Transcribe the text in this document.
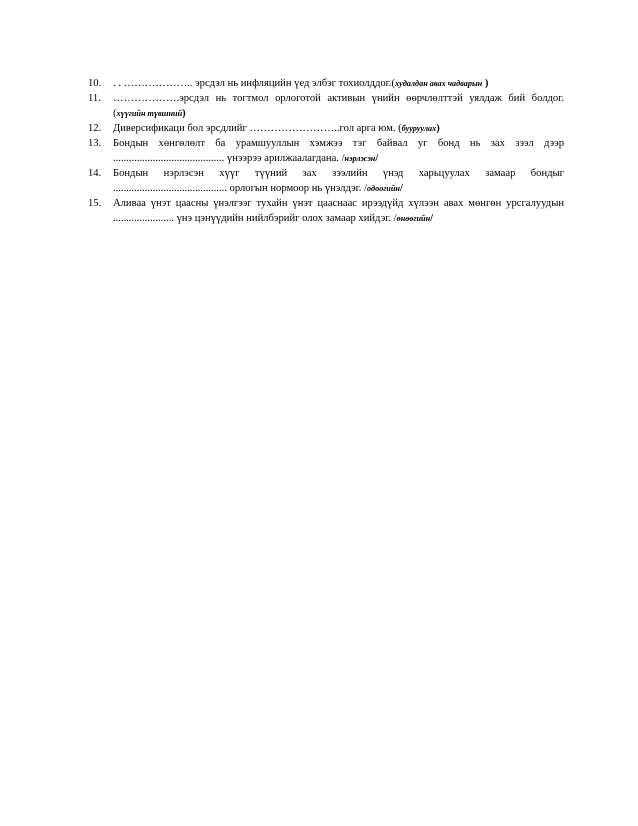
10.	. . ……………….. эрсдэл нь инфляцийн үед элбэг тохиолддог.(худалдан авах чадварын )
11.	……………….эрсдэл нь тогтмол орлоготой активын үнийн өөрчлөлттэй уялдаж бий болдог. (хүүгийн түвшний)
12.	Диверсификаци бол эрсдлийг ……………………..гол арга юм. (бууруулах)
13.	Бондын хөнгөлөлт ба урамшууллын хэмжээ тэг байвал уг бонд нь зах зээл дээр .......................................... үнээрээ арилжаалагдана. /нэрлэсэн/
14.	Бондын нэрлэсэн хүүг түүний зах зээлийн үнэд харьцуулах замаар бондыг ........................................... орлогын нормоор нь үнэлдэг. /одоогийн/
15.	Аливаа үнэт цаасны үнэлгээг тухайн үнэт цааснаас ирээдүйд хүлээн авах мөнгөн урсгалуудын ....................... үнэ цэнүүдийн нийлбэрийг олох замаар хийдэг. /өнөөгийн/
